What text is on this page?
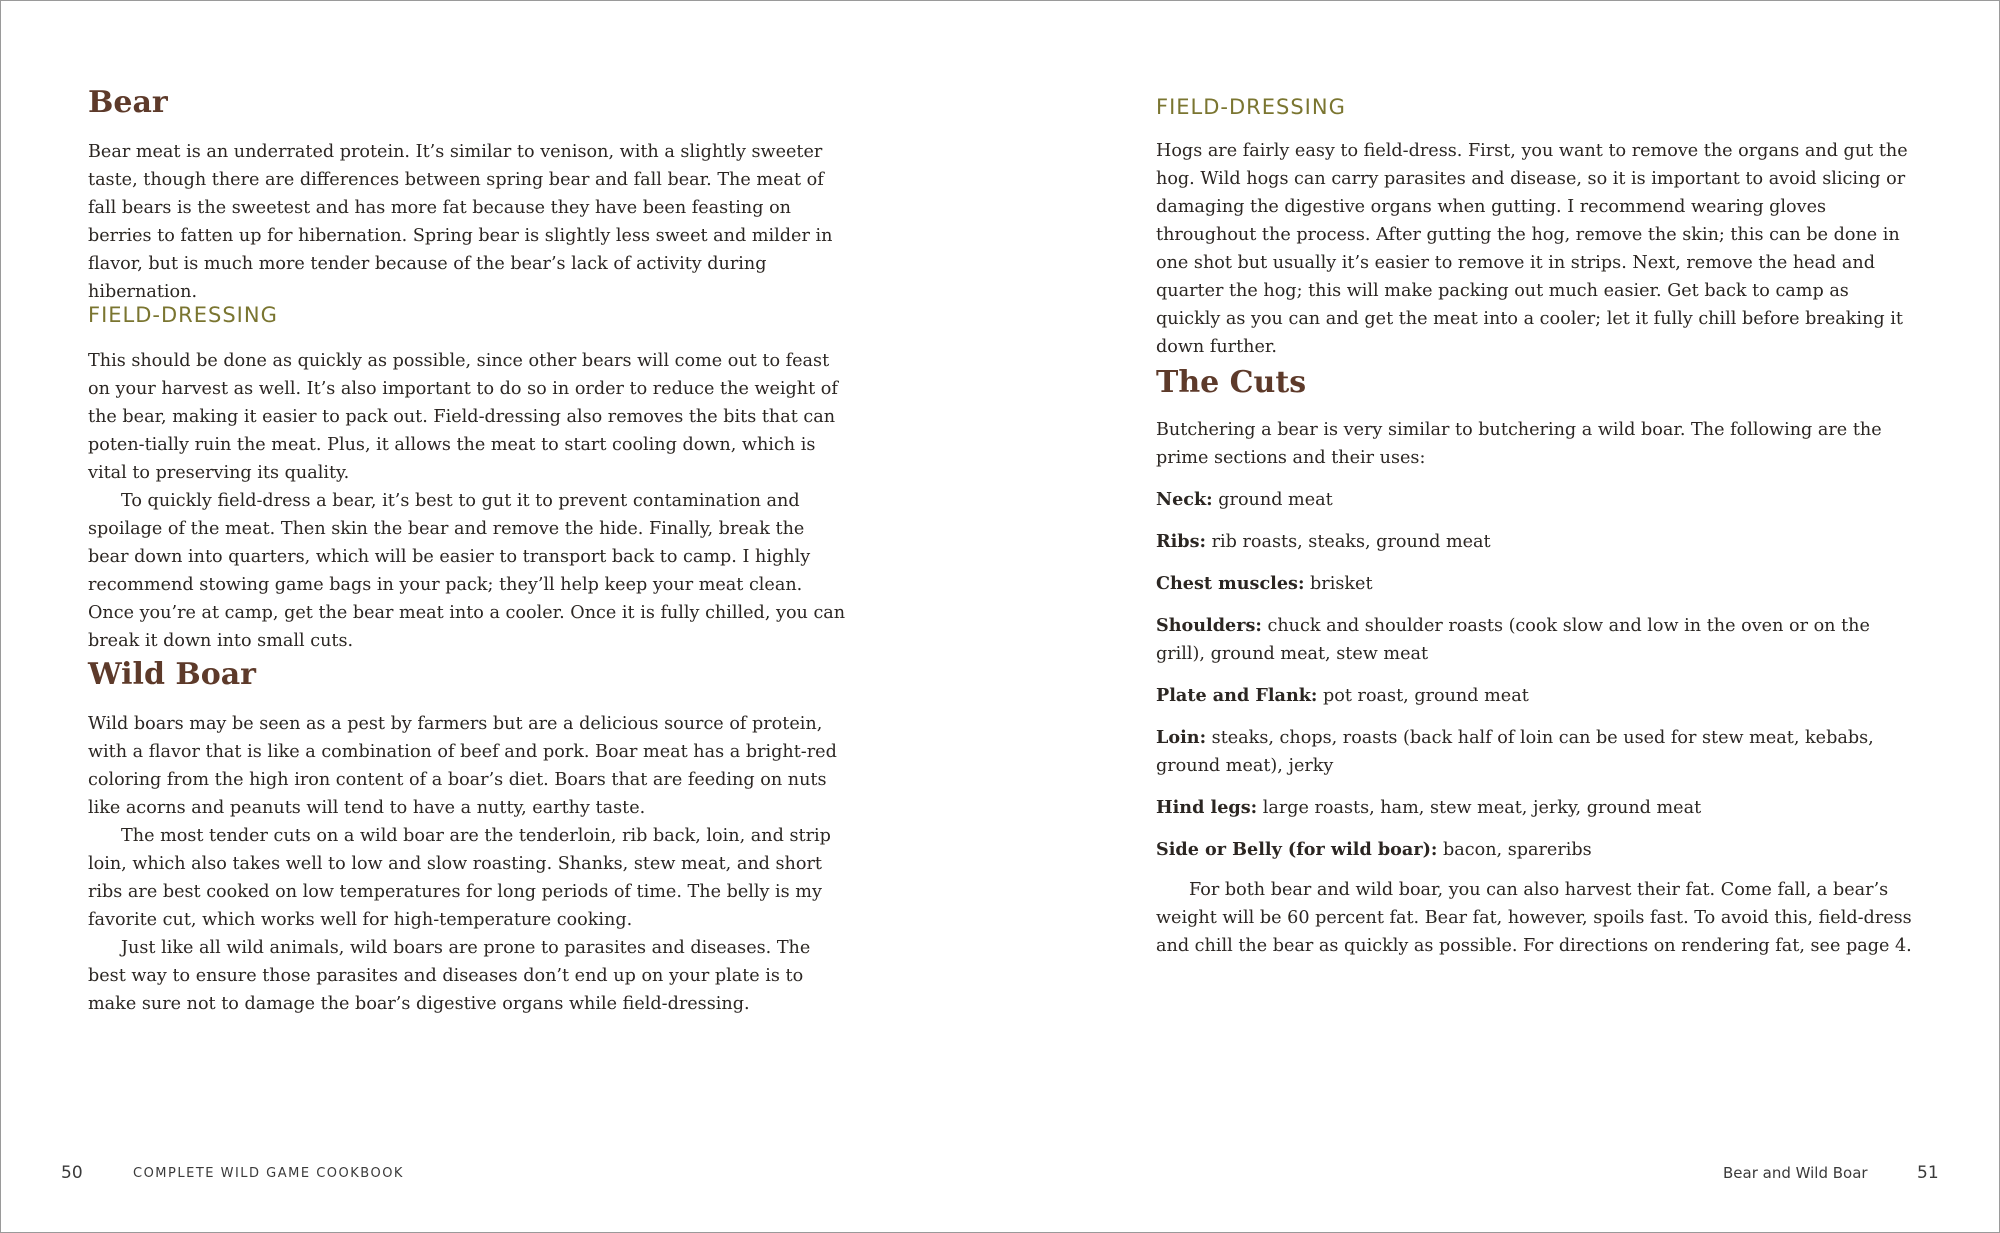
Bear

Bear meat is an underrated protein. It’s similar to venison, with a slightly sweeter taste, though there are differences between spring bear and fall bear. The meat of fall bears is the sweetest and has more fat because they have been feasting on berries to fatten up for hibernation. Spring bear is slightly less sweet and milder in flavor, but is much more tender because of the bear’s lack of activity during hibernation.

FIELD-DRESSING

This should be done as quickly as possible, since other bears will come out to feast on your harvest as well. It’s also important to do so in order to reduce the weight of the bear, making it easier to pack out. Field-dressing also removes the bits that can poten-tially ruin the meat. Plus, it allows the meat to start cooling down, which is vital to preserving its quality.

To quickly field-dress a bear, it’s best to gut it to prevent contamination and spoilage of the meat. Then skin the bear and remove the hide. Finally, break the bear down into quarters, which will be easier to transport back to camp. I highly recommend stowing game bags in your pack; they’ll help keep your meat clean. Once you’re at camp, get the bear meat into a cooler. Once it is fully chilled, you can break it down into small cuts.

Wild Boar

Wild boars may be seen as a pest by farmers but are a delicious source of protein, with a flavor that is like a combination of beef and pork. Boar meat has a bright-red coloring from the high iron content of a boar’s diet. Boars that are feeding on nuts like acorns and peanuts will tend to have a nutty, earthy taste.

The most tender cuts on a wild boar are the tenderloin, rib back, loin, and strip loin, which also takes well to low and slow roasting. Shanks, stew meat, and short ribs are best cooked on low temperatures for long periods of time. The belly is my favorite cut, which works well for high-temperature cooking.

Just like all wild animals, wild boars are prone to parasites and diseases. The best way to ensure those parasites and diseases don’t end up on your plate is to make sure not to damage the boar’s digestive organs while field-dressing.

50	COMPLETE WILD GAME COOKBOOK
FIELD-DRESSING

Hogs are fairly easy to field-dress. First, you want to remove the organs and gut the hog. Wild hogs can carry parasites and disease, so it is important to avoid slicing or damaging the digestive organs when gutting. I recommend wearing gloves throughout the process. After gutting the hog, remove the skin; this can be done in one shot but usually it’s easier to remove it in strips. Next, remove the head and quarter the hog; this will make packing out much easier. Get back to camp as quickly as you can and get the meat into a cooler; let it fully chill before breaking it down further.

The Cuts

Butchering a bear is very similar to butchering a wild boar. The following are the prime sections and their uses:

Neck: ground meat

Ribs: rib roasts, steaks, ground meat

Chest muscles: brisket

Shoulders: chuck and shoulder roasts (cook slow and low in the oven or on the grill), ground meat, stew meat

Plate and Flank: pot roast, ground meat

Loin: steaks, chops, roasts (back half of loin can be used for stew meat, kebabs, ground meat), jerky

Hind legs: large roasts, ham, stew meat, jerky, ground meat

Side or Belly (for wild boar): bacon, spareribs

For both bear and wild boar, you can also harvest their fat. Come fall, a bear’s weight will be 60 percent fat. Bear fat, however, spoils fast. To avoid this, field-dress and chill the bear as quickly as possible. For directions on rendering fat, see page 4.

Bear and Wild Boar	51
